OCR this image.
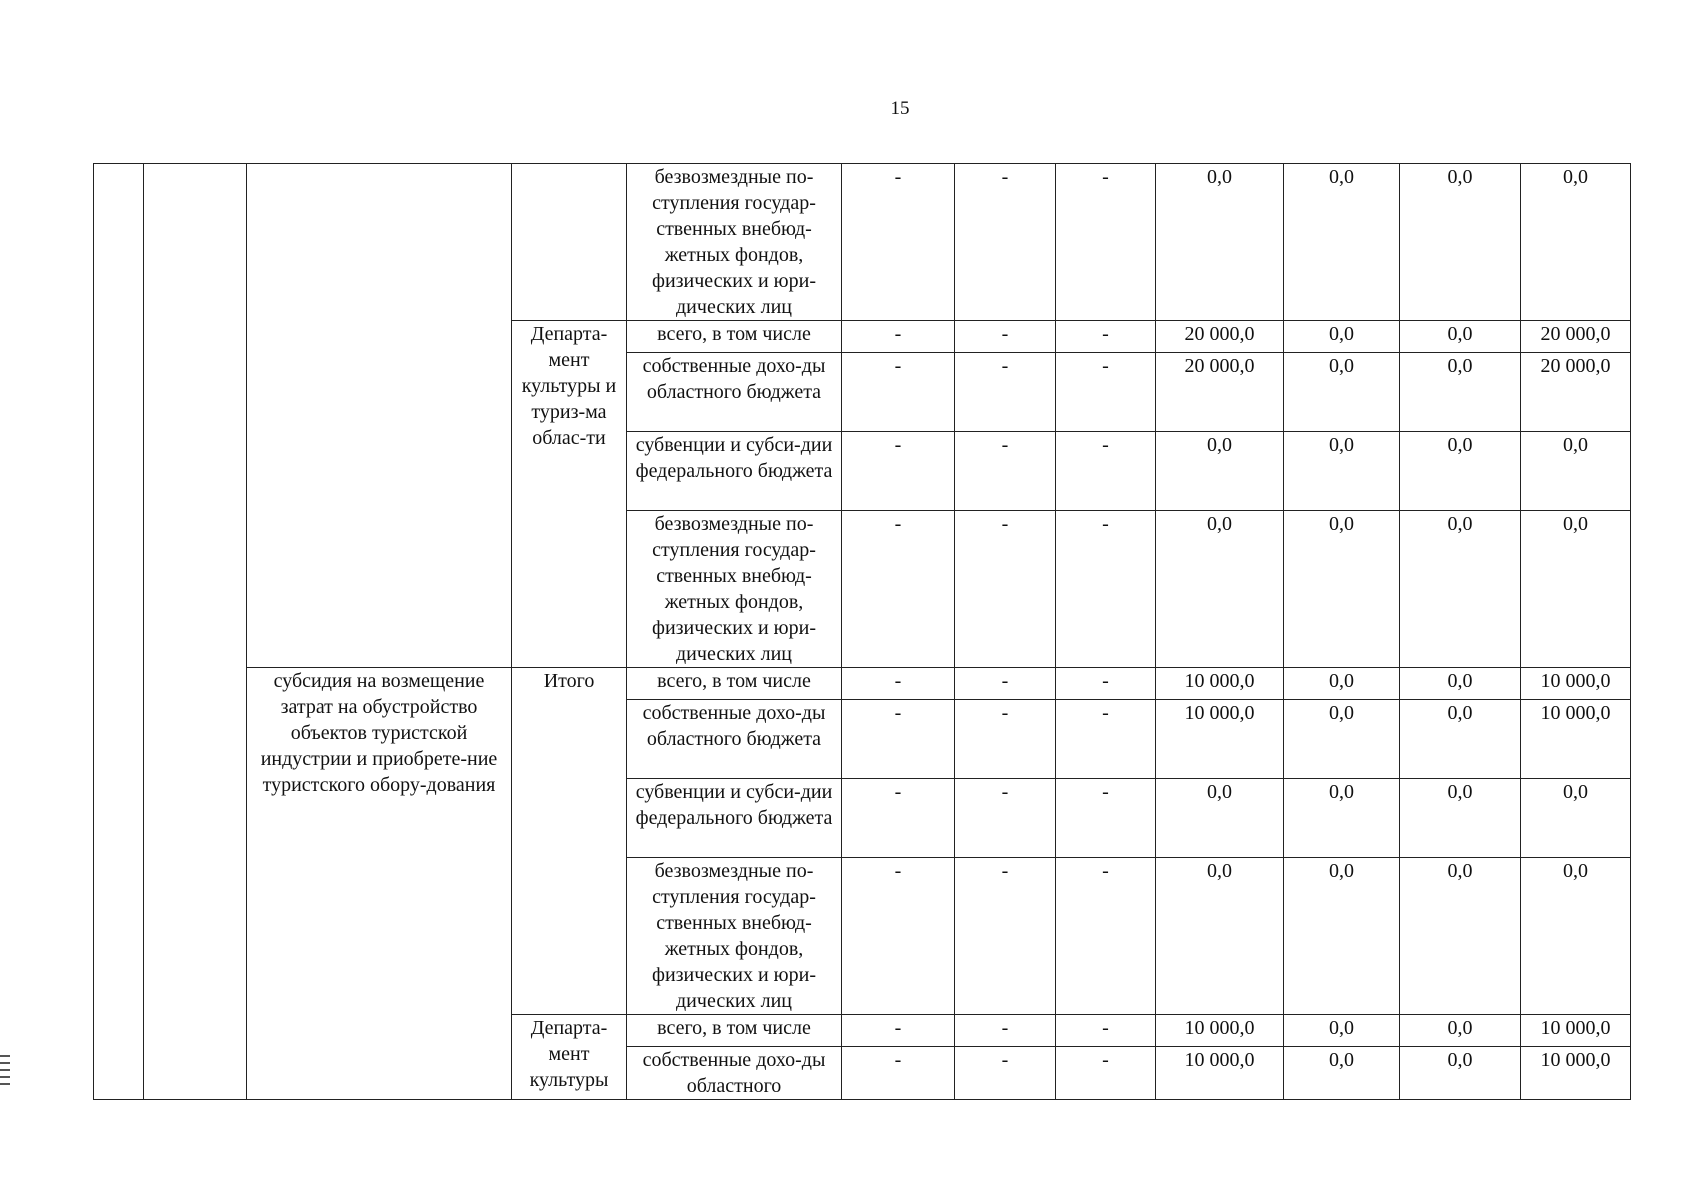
15
				безвозмездные по-ступления государ-ственных внебюд-жетных фондов, физических и юри-дических лиц	-	-	-	0,0	0,0	0,0	0,0
			Департа-мент культуры и туриз-ма облас-ти	всего, в том числе	-	-	-	20 000,0	0,0	0,0	20 000,0
				собственные дохо-ды областного бюджета	-	-	-	20 000,0	0,0	0,0	20 000,0
				субвенции и субси-дии федерального бюджета	-	-	-	0,0	0,0	0,0	0,0
				безвозмездные по-ступления государ-ственных внебюд-жетных фондов, физических и юри-дических лиц	-	-	-	0,0	0,0	0,0	0,0
		субсидия на возмещение затрат на обустройство объектов туристской индустрии и приобрете-ние туристского обору-дования	Итого	всего, в том числе	-	-	-	10 000,0	0,0	0,0	10 000,0
				собственные дохо-ды областного бюджета	-	-	-	10 000,0	0,0	0,0	10 000,0
				субвенции и субси-дии федерального бюджета	-	-	-	0,0	0,0	0,0	0,0
				безвозмездные по-ступления государ-ственных внебюд-жетных фондов, физических и юри-дических лиц	-	-	-	0,0	0,0	0,0	0,0
			Департа-мент культуры	всего, в том числе	-	-	-	10 000,0	0,0	0,0	10 000,0
				собственные дохо-ды областного	-	-	-	10 000,0	0,0	0,0	10 000,0
